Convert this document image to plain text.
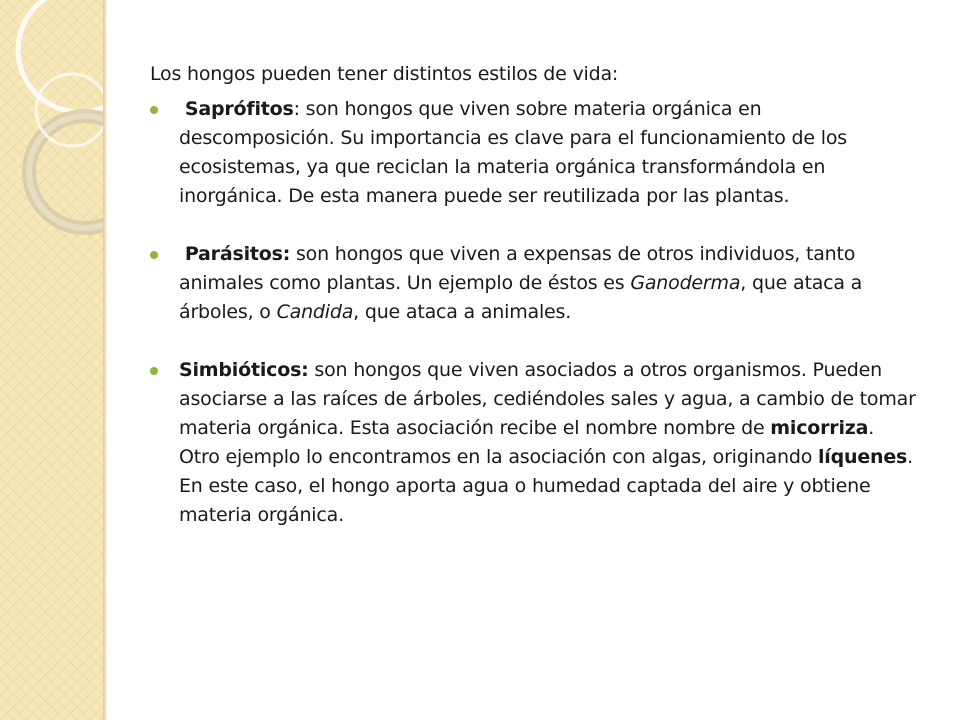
Los hongos pueden tener distintos estilos de vida:

Saprófitos: son hongos que viven sobre materia orgánica en descomposición. Su importancia es clave para el funcionamiento de los ecosistemas, ya que reciclan la materia orgánica transformándola en inorgánica. De esta manera puede ser reutilizada por las plantas.
Parásitos: son hongos que viven a expensas de otros individuos, tanto animales como plantas. Un ejemplo de éstos es Ganoderma, que ataca a árboles, o Candida, que ataca a animales.
Simbióticos: son hongos que viven asociados a otros organismos. Pueden asociarse a las raíces de árboles, cediéndoles sales y agua, a cambio de tomar materia orgánica. Esta asociación recibe el nombre nombre de micorriza. Otro ejemplo lo encontramos en la asociación con algas, originando líquenes. En este caso, el hongo aporta agua o humedad captada del aire y obtiene materia orgánica.
